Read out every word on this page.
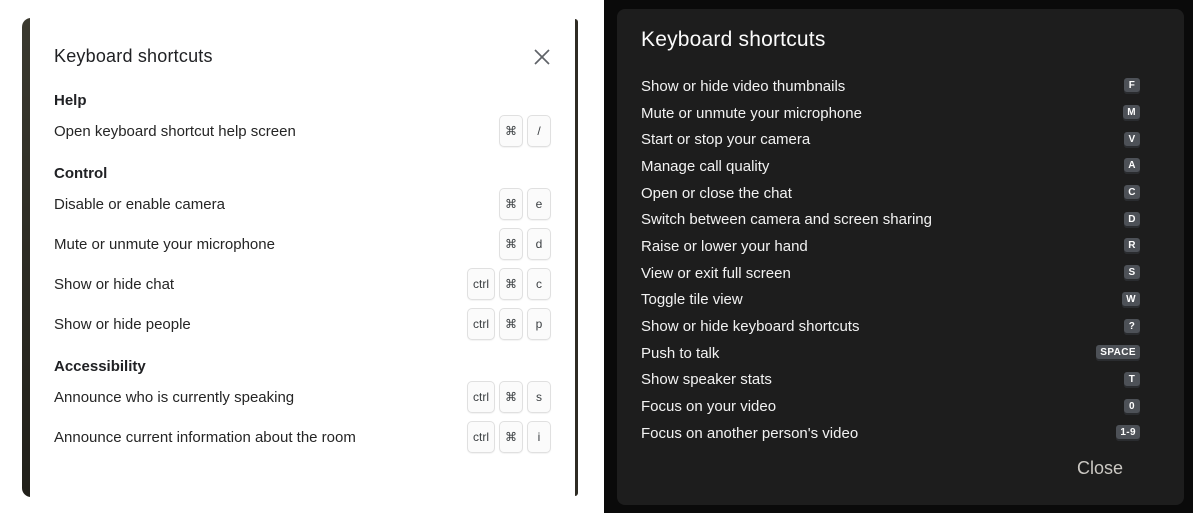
Keyboard shortcuts
Help
Open keyboard shortcut help screen	⌘	/
Control
Disable or enable camera	⌘	e
Mute or unmute your microphone	⌘	d
Show or hide chat	ctrl	⌘	c
Show or hide people	ctrl	⌘	p
Accessibility
Announce who is currently speaking	ctrl	⌘	s
Announce current information about the room	ctrl	⌘	i
Keyboard shortcuts
Show or hide video thumbnails	F
Mute or unmute your microphone	M
Start or stop your camera	V
Manage call quality	A
Open or close the chat	C
Switch between camera and screen sharing	D
Raise or lower your hand	R
View or exit full screen	S
Toggle tile view	W
Show or hide keyboard shortcuts	?
Push to talk	SPACE
Show speaker stats	T
Focus on your video	0
Focus on another person's video	1-9
Close
